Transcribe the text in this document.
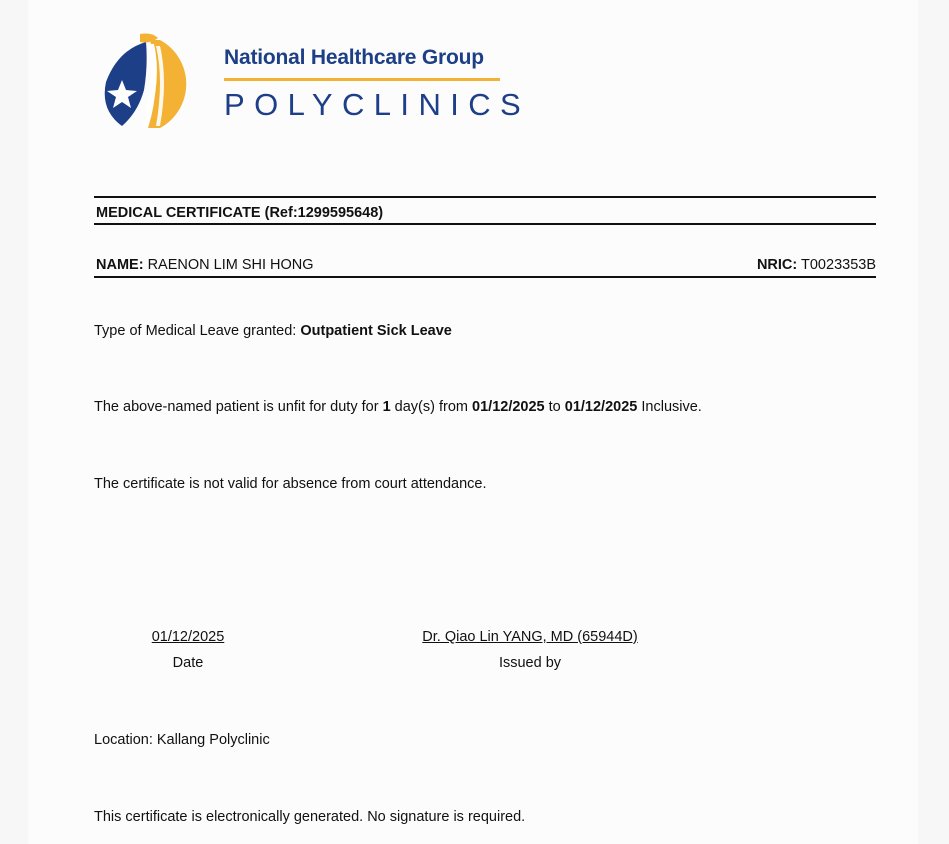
National Healthcare Group
POLYCLINICS
MEDICAL CERTIFICATE (Ref:1299595648)
NAME: RAENON LIM SHI HONG	NRIC: T0023353B
Type of Medical Leave granted: Outpatient Sick Leave
The above-named patient is unfit for duty for 1 day(s) from 01/12/2025 to 01/12/2025 Inclusive.
The certificate is not valid for absence from court attendance.
01/12/2025
Date
Dr. Qiao Lin YANG, MD (65944D)
Issued by
Location: Kallang Polyclinic
This certificate is electronically generated. No signature is required.
